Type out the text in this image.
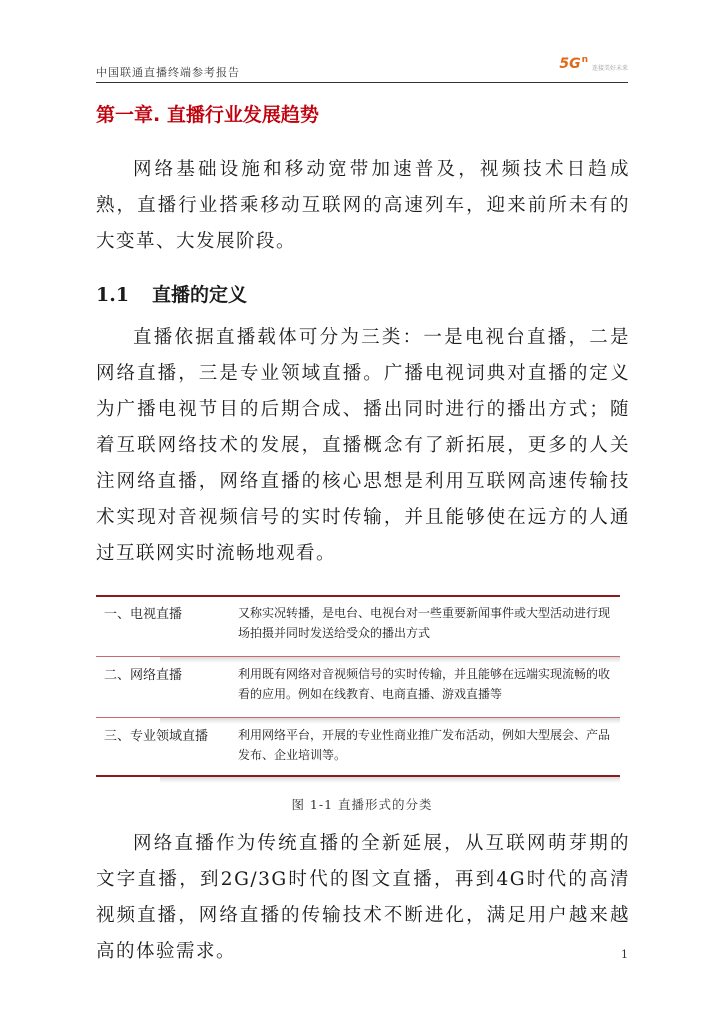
中国联通直播终端参考报告
5G n
连接美好未来
第一章. 直播行业发展趋势

网络基础设施和移动宽带加速普及，视频技术日趋成熟，直播行业搭乘移动互联网的高速列车，迎来前所未有的大变革、大发展阶段。

1.1 直播的定义

直播依据直播载体可分为三类：一是电视台直播，二是网络直播，三是专业领域直播。广播电视词典对直播的定义为广播电视节目的后期合成、播出同时进行的播出方式；随着互联网络技术的发展，直播概念有了新拓展，更多的人关注网络直播，网络直播的核心思想是利用互联网高速传输技术实现对音视频信号的实时传输，并且能够使在远方的人通过互联网实时流畅地观看。

一、电视直播	又称实况转播，是电台、电视台对一些重要新闻事件或大型活动进行现场拍摄并同时发送给受众的播出方式
二、网络直播	利用既有网络对音视频信号的实时传输，并且能够在远端实现流畅的收看的应用。例如在线教育、电商直播、游戏直播等
三、专业领域直播 利用网络平台，开展的专业性商业推广发布活动，例如大型展会、产品发布、企业培训等。
图 1-1 直播形式的分类

网络直播作为传统直播的全新延展，从互联网萌芽期的文字直播，到2G/3G时代的图文直播，再到4G时代的高清视频直播，网络直播的传输技术不断进化，满足用户越来越高的体验需求。	1
